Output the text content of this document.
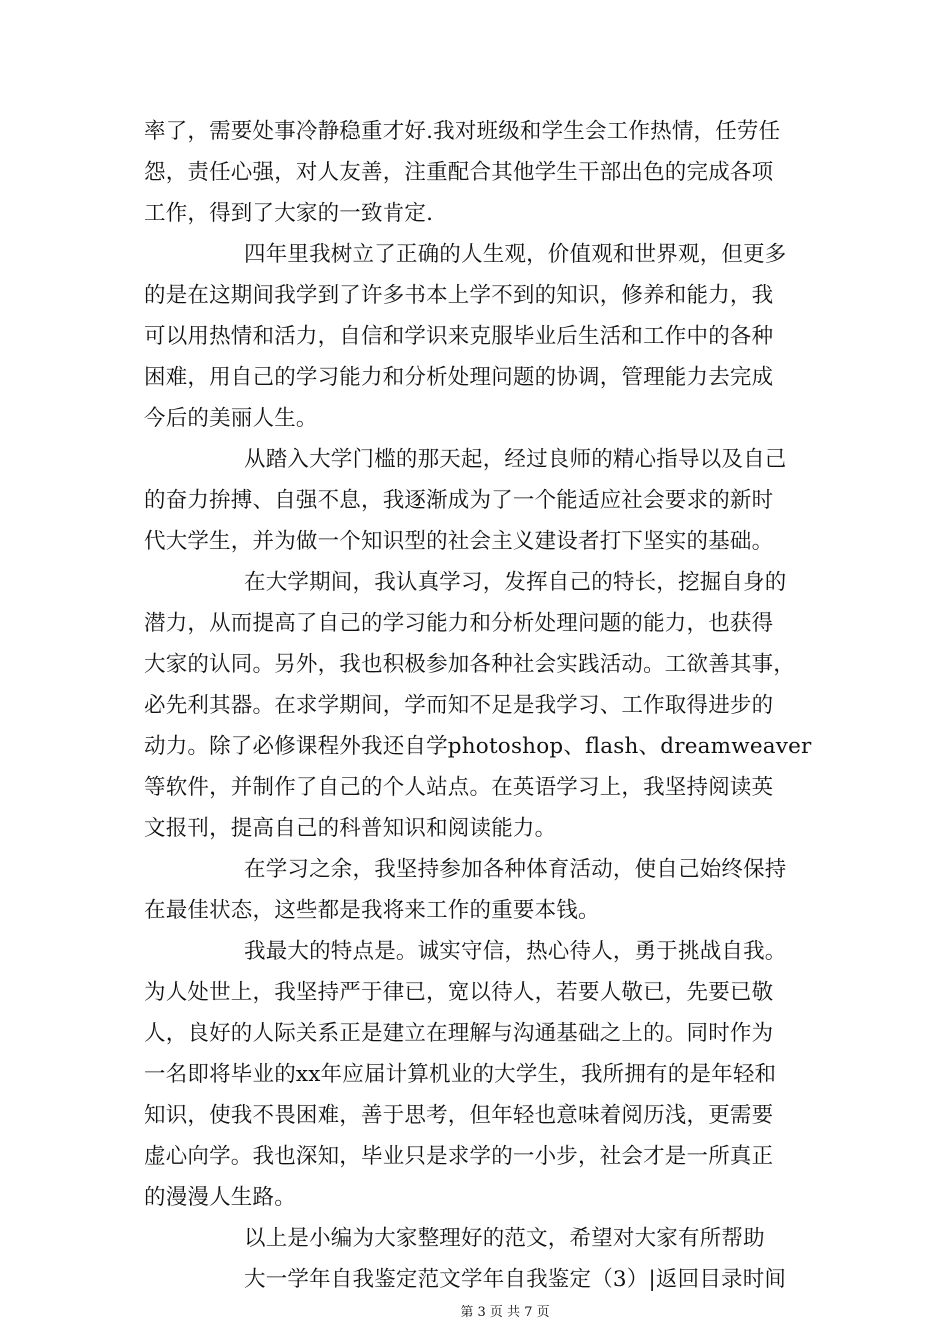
率了，需要处事冷静稳重才好.我对班级和学生会工作热情，任劳任
怨，责任心强，对人友善，注重配合其他学生干部出色的完成各项
工作，得到了大家的一致肯定.
四年里我树立了正确的人生观，价值观和世界观，但更多
的是在这期间我学到了许多书本上学不到的知识，修养和能力，我
可以用热情和活力，自信和学识来克服毕业后生活和工作中的各种
困难，用自己的学习能力和分析处理问题的协调，管理能力去完成
今后的美丽人生。
从踏入大学门槛的那天起，经过良师的精心指导以及自己
的奋力拚搏、自强不息，我逐渐成为了一个能适应社会要求的新时
代大学生，并为做一个知识型的社会主义建设者打下坚实的基础。
在大学期间，我认真学习，发挥自己的特长，挖掘自身的
潜力，从而提高了自己的学习能力和分析处理问题的能力，也获得
大家的认同。另外，我也积极参加各种社会实践活动。工欲善其事，
必先利其器。在求学期间，学而知不足是我学习、工作取得进步的
动力。除了必修课程外我还自学photoshop、flash、dreamweaver
等软件，并制作了自己的个人站点。在英语学习上，我坚持阅读英
文报刊，提高自己的科普知识和阅读能力。
在学习之余，我坚持参加各种体育活动，使自己始终保持
在最佳状态，这些都是我将来工作的重要本钱。
我最大的特点是。诚实守信，热心待人，勇于挑战自我。
为人处世上，我坚持严于律已，宽以待人，若要人敬已，先要已敬
人，良好的人际关系正是建立在理解与沟通基础之上的。同时作为
一名即将毕业的xx年应届计算机业的大学生，我所拥有的是年轻和
知识，使我不畏困难，善于思考，但年轻也意味着阅历浅，更需要
虚心向学。我也深知，毕业只是求学的一小步，社会才是一所真正
的漫漫人生路。
以上是小编为大家整理好的范文，希望对大家有所帮助
大一学年自我鉴定范文学年自我鉴定（3）|返回目录时间
第 3 页 共 7 页
